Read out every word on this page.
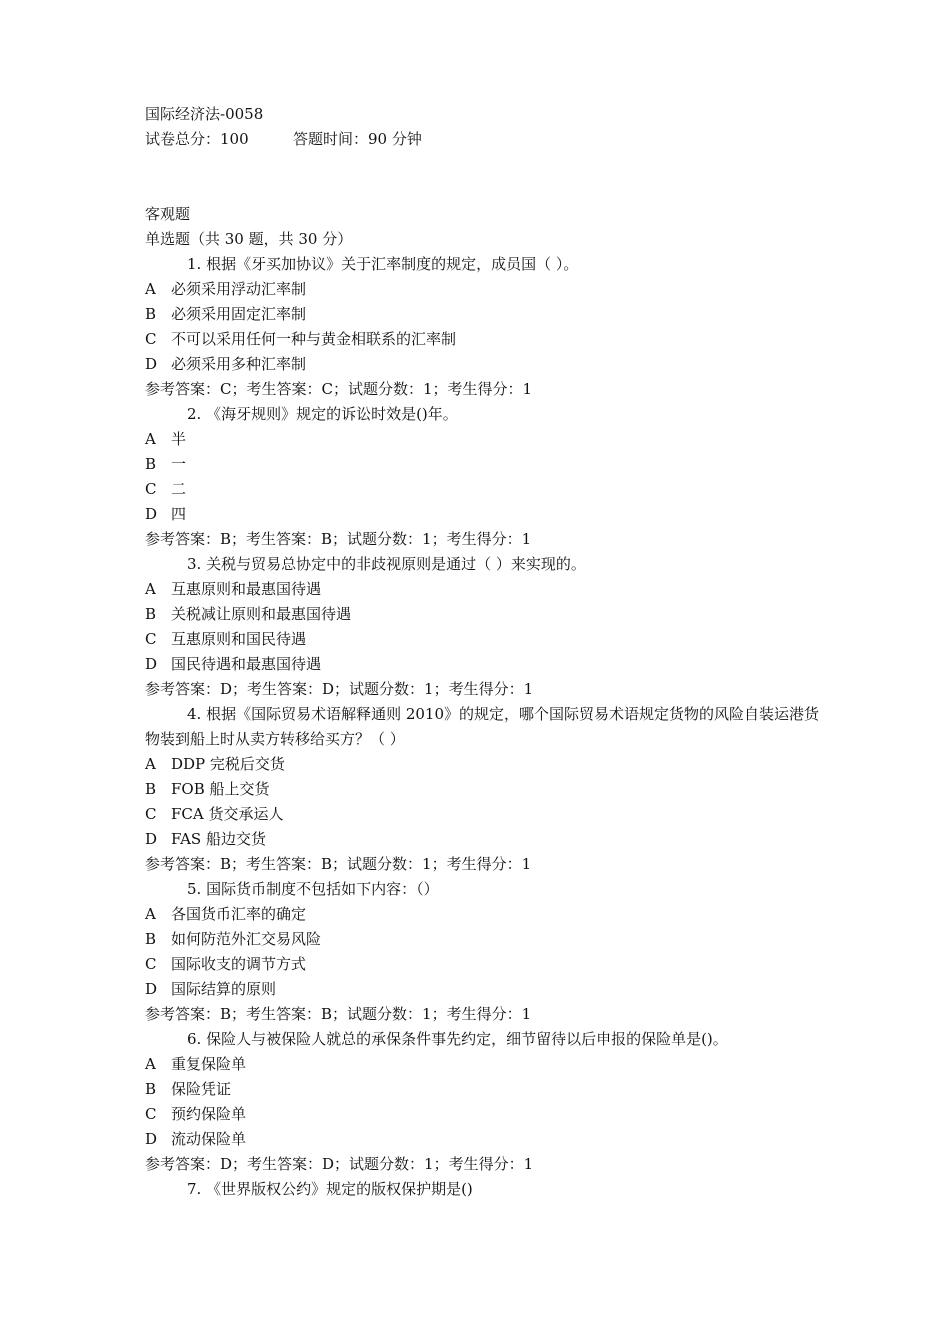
国际经济法-0058
试卷总分：100	答题时间：90 分钟
客观题
单选题（共 30 题，共 30 分）
1. 根据《牙买加协议》关于汇率制度的规定，成员国（ ）。
A 必须采用浮动汇率制
B 必须采用固定汇率制
C 不可以采用任何一种与黄金相联系的汇率制
D 必须采用多种汇率制
参考答案：C；考生答案：C；试题分数：1；考生得分：1
2. 《海牙规则》规定的诉讼时效是()年。
A 半
B 一
C 二
D 四
参考答案：B；考生答案：B；试题分数：1；考生得分：1
3. 关税与贸易总协定中的非歧视原则是通过（ ）来实现的。
A 互惠原则和最惠国待遇
B 关税减让原则和最惠国待遇
C 互惠原则和国民待遇
D 国民待遇和最惠国待遇
参考答案：D；考生答案：D；试题分数：1；考生得分：1
4. 根据《国际贸易术语解释通则 2010》的规定，哪个国际贸易术语规定货物的风险自装运港货物装到船上时从卖方转移给买方？（ ）
A DDP 完税后交货
B FOB 船上交货
C FCA 货交承运人
D FAS 船边交货
参考答案：B；考生答案：B；试题分数：1；考生得分：1
5. 国际货币制度不包括如下内容：（）
A 各国货币汇率的确定
B 如何防范外汇交易风险
C 国际收支的调节方式
D 国际结算的原则
参考答案：B；考生答案：B；试题分数：1；考生得分：1
6. 保险人与被保险人就总的承保条件事先约定，细节留待以后申报的保险单是()。
A 重复保险单
B 保险凭证
C 预约保险单
D 流动保险单
参考答案：D；考生答案：D；试题分数：1；考生得分：1
7. 《世界版权公约》规定的版权保护期是()
